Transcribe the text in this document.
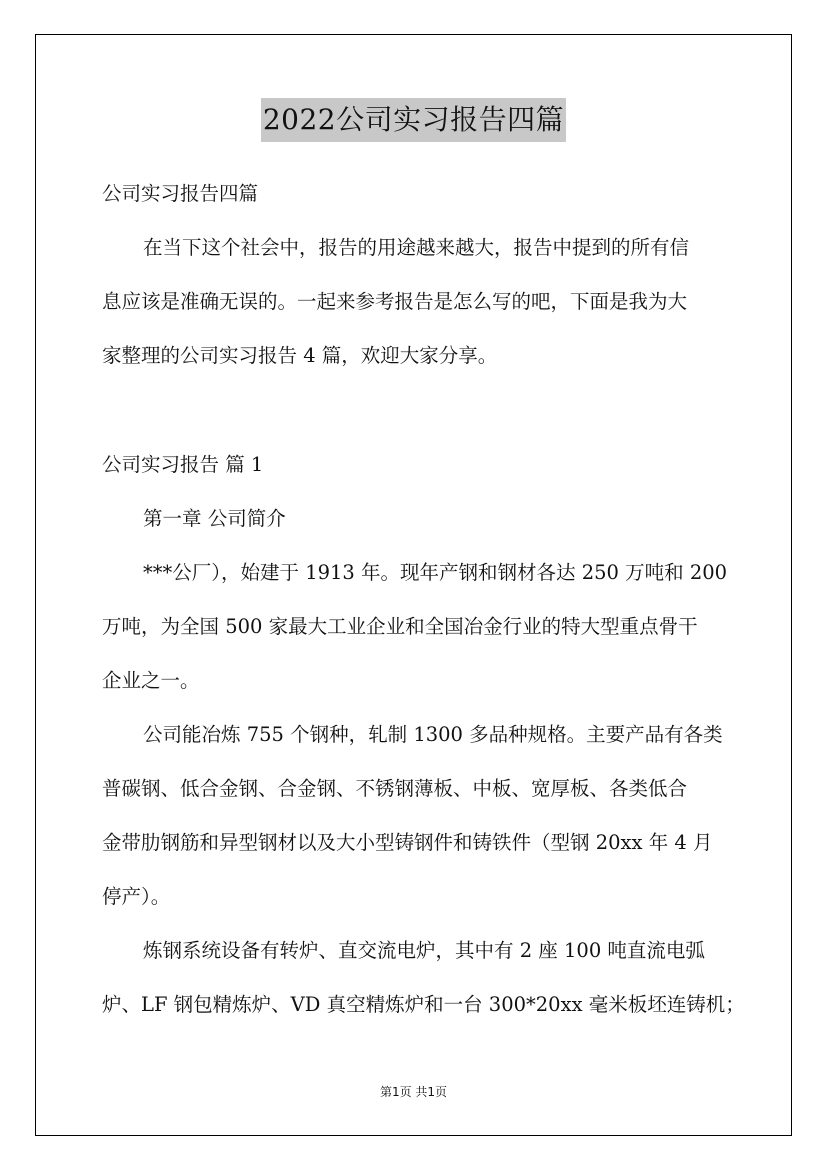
2022公司实习报告四篇
公司实习报告四篇
在当下这个社会中，报告的用途越来越大，报告中提到的所有信
息应该是准确无误的。一起来参考报告是怎么写的吧，下面是我为大
家整理的公司实习报告 4 篇，欢迎大家分享。
公司实习报告 篇 1
第一章 公司简介
***公厂），始建于 1913 年。现年产钢和钢材各达 250 万吨和 200
万吨，为全国 500 家最大工业企业和全国冶金行业的特大型重点骨干
企业之一。
公司能冶炼 755 个钢种，轧制 1300 多品种规格。主要产品有各类
普碳钢、低合金钢、合金钢、不锈钢薄板、中板、宽厚板、各类低合
金带肋钢筋和异型钢材以及大小型铸钢件和铸铁件（型钢 20xx 年 4 月
停产）。
炼钢系统设备有转炉、直交流电炉，其中有 2 座 100 吨直流电弧
炉、LF 钢包精炼炉、VD 真空精炼炉和一台 300*20xx 毫米板坯连铸机；
第1页 共1页
